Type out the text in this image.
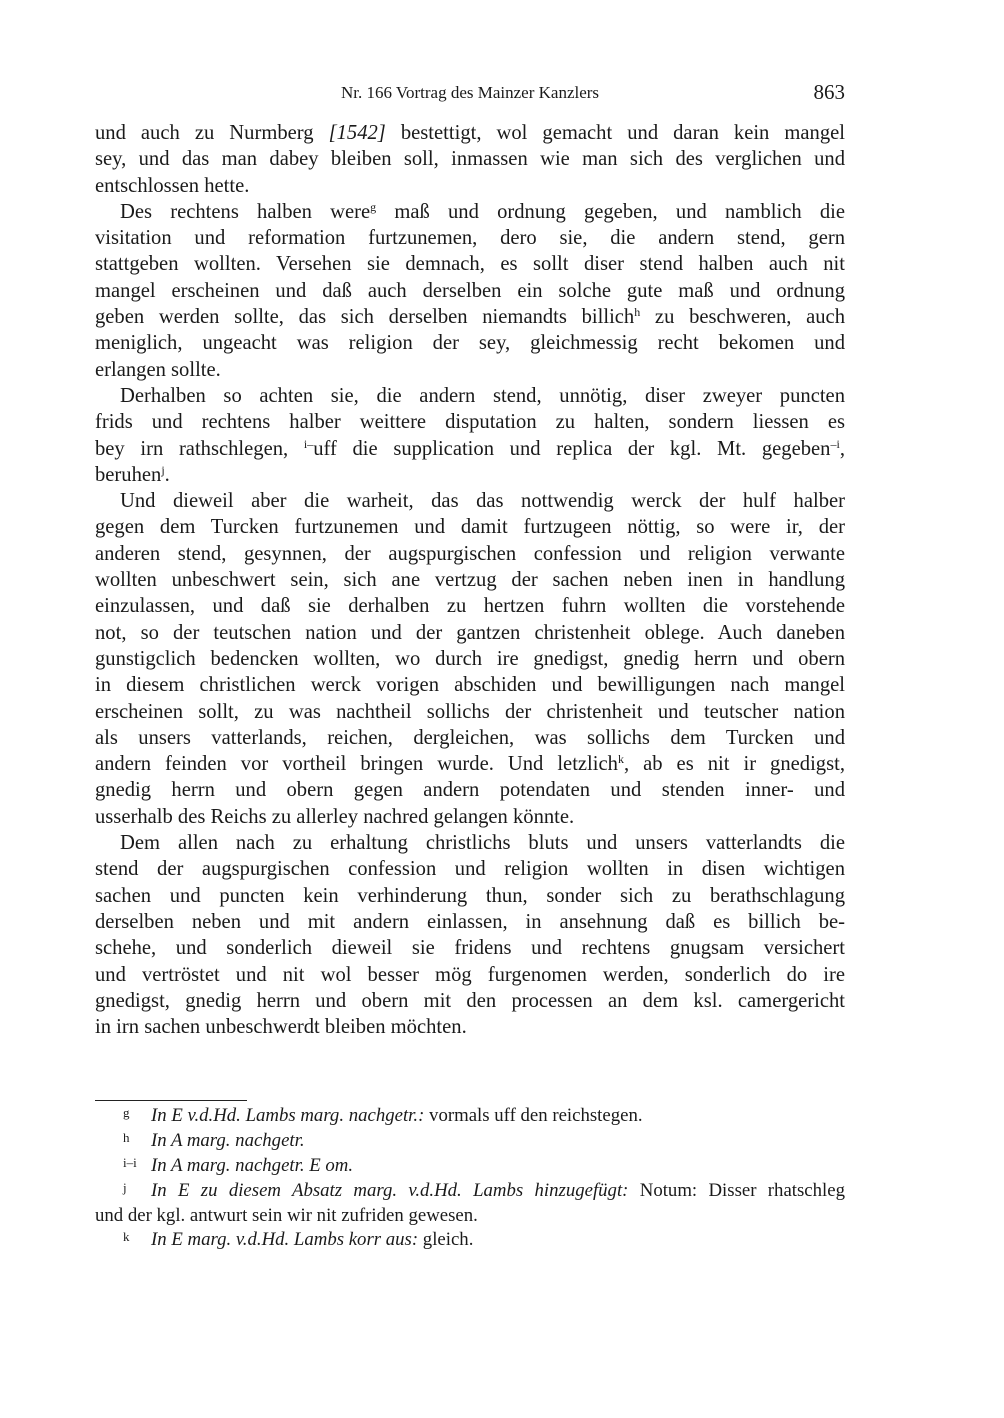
Nr. 166 Vortrag des Mainzer Kanzlers	863
und auch zu Nurmberg [1542] bestettigt, wol gemacht und daran kein mangel
sey, und das man dabey bleiben soll, inmassen wie man sich des verglichen und
entschlossen hette.
Des rechtens halben were$^g$ maß und ordnung gegeben, und namblich die
visitation und reformation furtzunemen, dero sie, die andern stend, gern
stattgeben wollten. Versehen sie demnach, es sollt diser stend halben auch nit
mangel erscheinen und daß auch derselben ein solche gute maß und ordnung
geben werden sollte, das sich derselben niemandts billich$^h$ zu beschweren, auch
meniglich, ungeacht was religion der sey, gleichmessig recht bekomen und
erlangen sollte.
Derhalben so achten sie, die andern stend, unnötig, diser zweyer puncten
frids und rechtens halber weittere disputation zu halten, sondern liessen es
bey irn rathschlegen, $^{i-}$uff die supplication und replica der kgl. Mt. gegeben$^{-i}$,
beruhen$^j$.
Und dieweil aber die warheit, das das nottwendig werck der hulf halber
gegen dem Turcken furtzunemen und damit furtzugeen nöttig, so were ir, der
anderen stend, gesynnen, der augspurgischen confession und religion verwante
wollten unbeschwert sein, sich ane vertzug der sachen neben inen in handlung
einzulassen, und daß sie derhalben zu hertzen fuhrn wollten die vorstehende
not, so der teutschen nation und der gantzen christenheit oblege. Auch daneben
gunstigclich bedencken wollten, wo durch ire gnedigst, gnedig herrn und obern
in diesem christlichen werck vorigen abschiden und bewilligungen nach mangel
erscheinen sollt, zu was nachtheil sollichs der christenheit und teutscher nation
als unsers vatterlands, reichen, dergleichen, was sollichs dem Turcken und
andern feinden vor vortheil bringen wurde. Und letzlich$^k$, ab es nit ir gnedigst,
gnedig herrn und obern gegen andern potendaten und stenden inner- und
usserhalb des Reichs zu allerley nachred gelangen könnte.
Dem allen nach zu erhaltung christlichs bluts und unsers vatterlandts die
stend der augspurgischen confession und religion wollten in disen wichtigen
sachen und puncten kein verhinderung thun, sonder sich zu berathschlagung
derselben neben und mit andern einlassen, in ansehnung daß es billich be-
schehe, und sonderlich dieweil sie fridens und rechtens gnugsam versichert
und vertröstet und nit wol besser mög furgenomen werden, sonderlich do ire
gnedigst, gnedig herrn und obern mit den processen an dem ksl. camergericht
in irn sachen unbeschwerdt bleiben möchten.
g In E v.d.Hd. Lambs marg. nachgetr.: vormals uff den reichstegen.
h In A marg. nachgetr.
i–i In A marg. nachgetr. E om.
j In E zu diesem Absatz marg. v.d.Hd. Lambs hinzugefügt: Notum: Disser rhatschleg
und der kgl. antwurt sein wir nit zufriden gewesen.
k In E marg. v.d.Hd. Lambs korr aus: gleich.
